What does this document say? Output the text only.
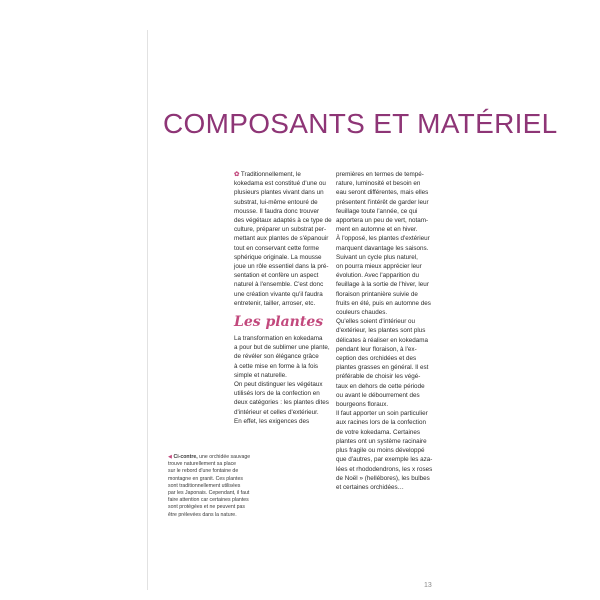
COMPOSANTS ET MATÉRIEL

✿ Traditionnellement, le

kokedama est constitué d'une ou

plusieurs plantes vivant dans un

substrat, lui-même entouré de

mousse. Il faudra donc trouver

des végétaux adaptés à ce type de

culture, préparer un substrat per-

mettant aux plantes de s'épanouir

tout en conservant cette forme

sphérique originale. La mousse

joue un rôle essentiel dans la pré-

sentation et confère un aspect

naturel à l'ensemble. C'est donc

une création vivante qu'il faudra

entretenir, tailler, arroser, etc.

Les plantes

La transformation en kokedama

a pour but de sublimer une plante,

de révéler son élégance grâce

à cette mise en forme à la fois

simple et naturelle.

On peut distinguer les végétaux

utilisés lors de la confection en

deux catégories : les plantes dites

d'intérieur et celles d'extérieur.

En effet, les exigences des

premières en termes de tempé-

rature, luminosité et besoin en

eau seront différentes, mais elles

présentent l'intérêt de garder leur

feuillage toute l'année, ce qui

apportera un peu de vert, notam-

ment en automne et en hiver.

À l'opposé, les plantes d'extérieur

marquent davantage les saisons.

Suivant un cycle plus naturel,

on pourra mieux apprécier leur

évolution. Avec l'apparition du

feuillage à la sortie de l'hiver, leur

floraison printanière suivie de

fruits en été, puis en automne des

couleurs chaudes.

Qu'elles soient d'intérieur ou

d'extérieur, les plantes sont plus

délicates à réaliser en kokedama

pendant leur floraison, à l'ex-

ception des orchidées et des

plantes grasses en général. Il est

préférable de choisir les végé-

taux en dehors de cette période

ou avant le débourrement des

bourgeons floraux.

Il faut apporter un soin particulier

aux racines lors de la confection

de votre kokedama. Certaines

plantes ont un système racinaire

plus fragile ou moins développé

que d'autres, par exemple les aza-

lées et rhododendrons, les x roses

de Noël » (hellébores), les bulbes

et certaines orchidées…

◀ Ci-contre, une orchidée sauvage

trouve naturellement sa place

sur le rebord d'une fontaine de

montagne en granit. Ces plantes

sont traditionnellement utilisées

par les Japonais. Cependant, il faut

faire attention car certaines plantes

sont protégées et ne peuvent pas

être prélevées dans la nature.

13
